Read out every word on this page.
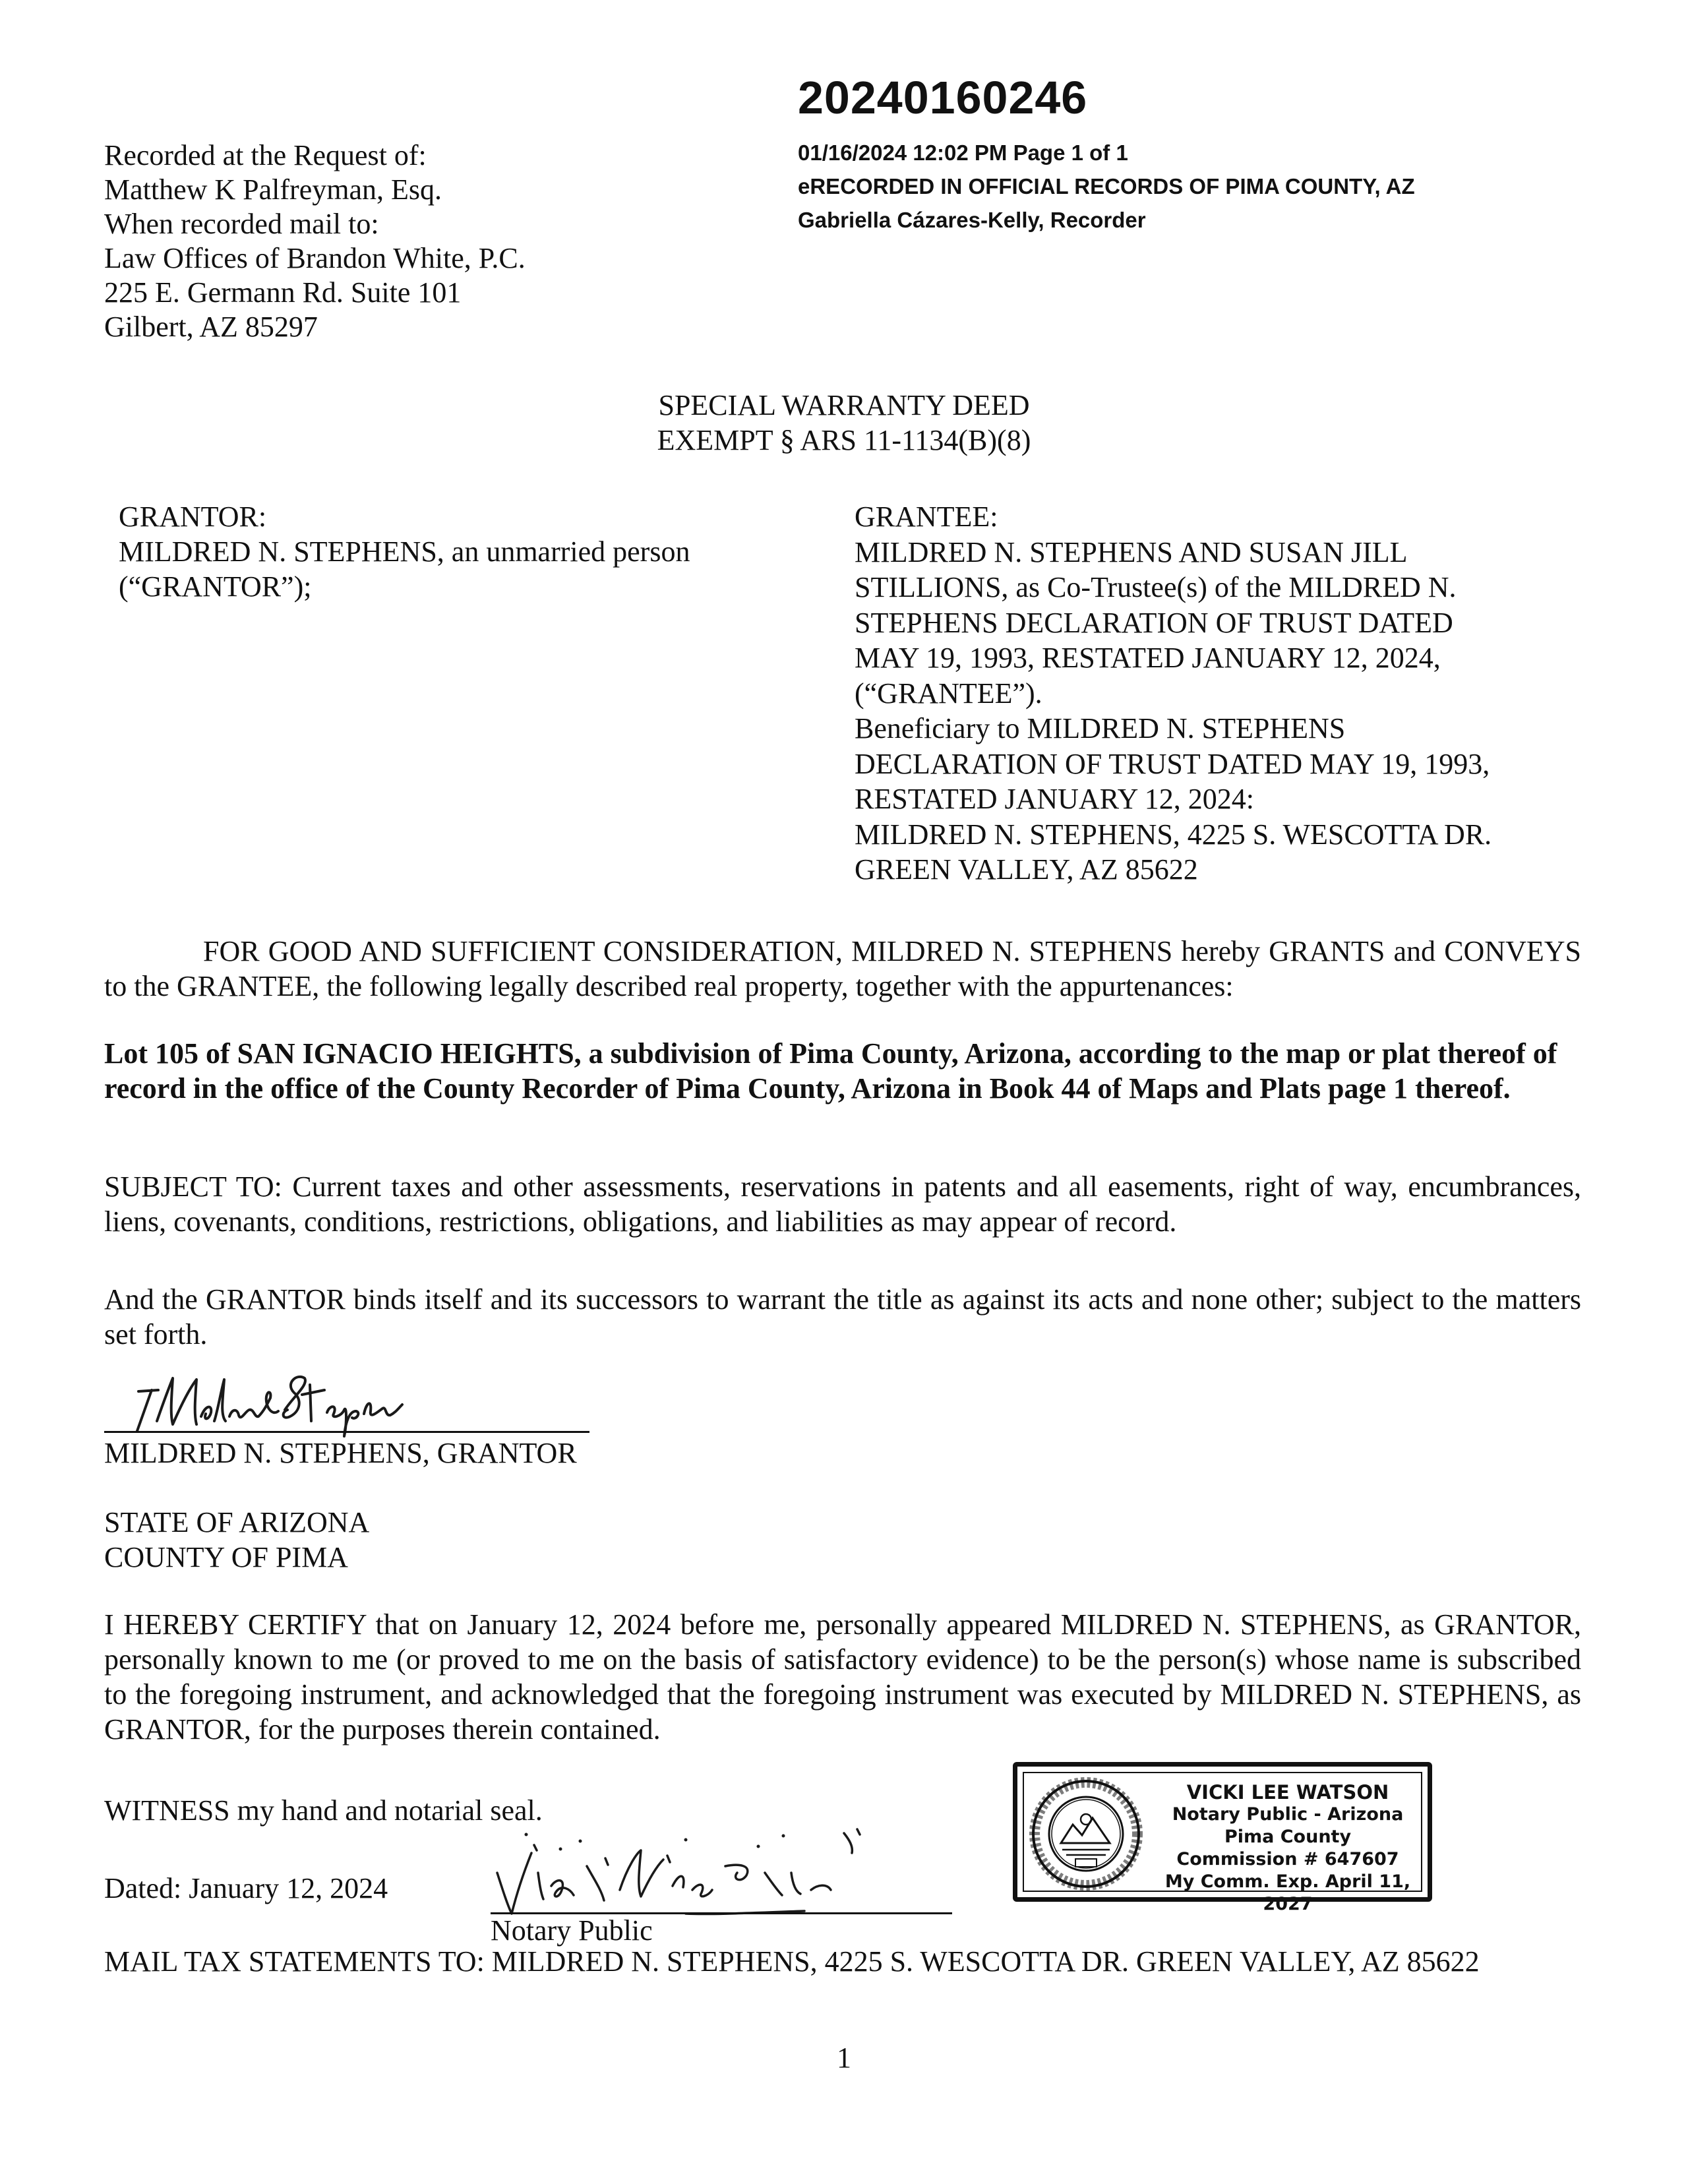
20240160246
01/16/2024 12:02 PM Page 1 of 1
eRECORDED IN OFFICIAL RECORDS OF PIMA COUNTY, AZ
Gabriella Cázares-Kelly, Recorder
Recorded at the Request of:
Matthew K Palfreyman, Esq.
When recorded mail to:
Law Offices of Brandon White, P.C.
225 E. Germann Rd. Suite 101
Gilbert, AZ 85297
SPECIAL WARRANTY DEED
EXEMPT § ARS 11-1134(B)(8)
GRANTOR:
MILDRED N. STEPHENS, an unmarried person
(“GRANTOR”);
GRANTEE:
MILDRED N. STEPHENS AND SUSAN JILL
STILLIONS, as Co-Trustee(s) of the MILDRED N.
STEPHENS DECLARATION OF TRUST DATED
MAY 19, 1993, RESTATED JANUARY 12, 2024,
(“GRANTEE”).
Beneficiary to MILDRED N. STEPHENS
DECLARATION OF TRUST DATED MAY 19, 1993,
RESTATED JANUARY 12, 2024:
MILDRED N. STEPHENS, 4225 S. WESCOTTA DR.
GREEN VALLEY, AZ 85622
FOR GOOD AND SUFFICIENT CONSIDERATION, MILDRED N. STEPHENS hereby GRANTS and CONVEYS to the GRANTEE, the following legally described real property, together with the appurtenances:
Lot 105 of SAN IGNACIO HEIGHTS, a subdivision of Pima County, Arizona, according to the map or plat thereof of record in the office of the County Recorder of Pima County, Arizona in Book 44 of Maps and Plats page 1 thereof.
SUBJECT TO: Current taxes and other assessments, reservations in patents and all easements, right of way, encumbrances, liens, covenants, conditions, restrictions, obligations, and liabilities as may appear of record.
And the GRANTOR binds itself and its successors to warrant the title as against its acts and none other; subject to the matters set forth.
MILDRED N. STEPHENS, GRANTOR
STATE OF ARIZONA
COUNTY OF PIMA
I HEREBY CERTIFY that on January 12, 2024 before me, personally appeared MILDRED N. STEPHENS, as GRANTOR, personally known to me (or proved to me on the basis of satisfactory evidence) to be the person(s) whose name is subscribed to the foregoing instrument, and acknowledged that the foregoing instrument was executed by MILDRED N. STEPHENS, as GRANTOR, for the purposes therein contained.
WITNESS my hand and notarial seal.
Dated: January 12, 2024
Notary Public
VICKI LEE WATSON
Notary Public - Arizona
Pima County
Commission # 647607
My Comm. Exp. April 11, 2027
MAIL TAX STATEMENTS TO: MILDRED N. STEPHENS, 4225 S. WESCOTTA DR. GREEN VALLEY, AZ 85622
1
